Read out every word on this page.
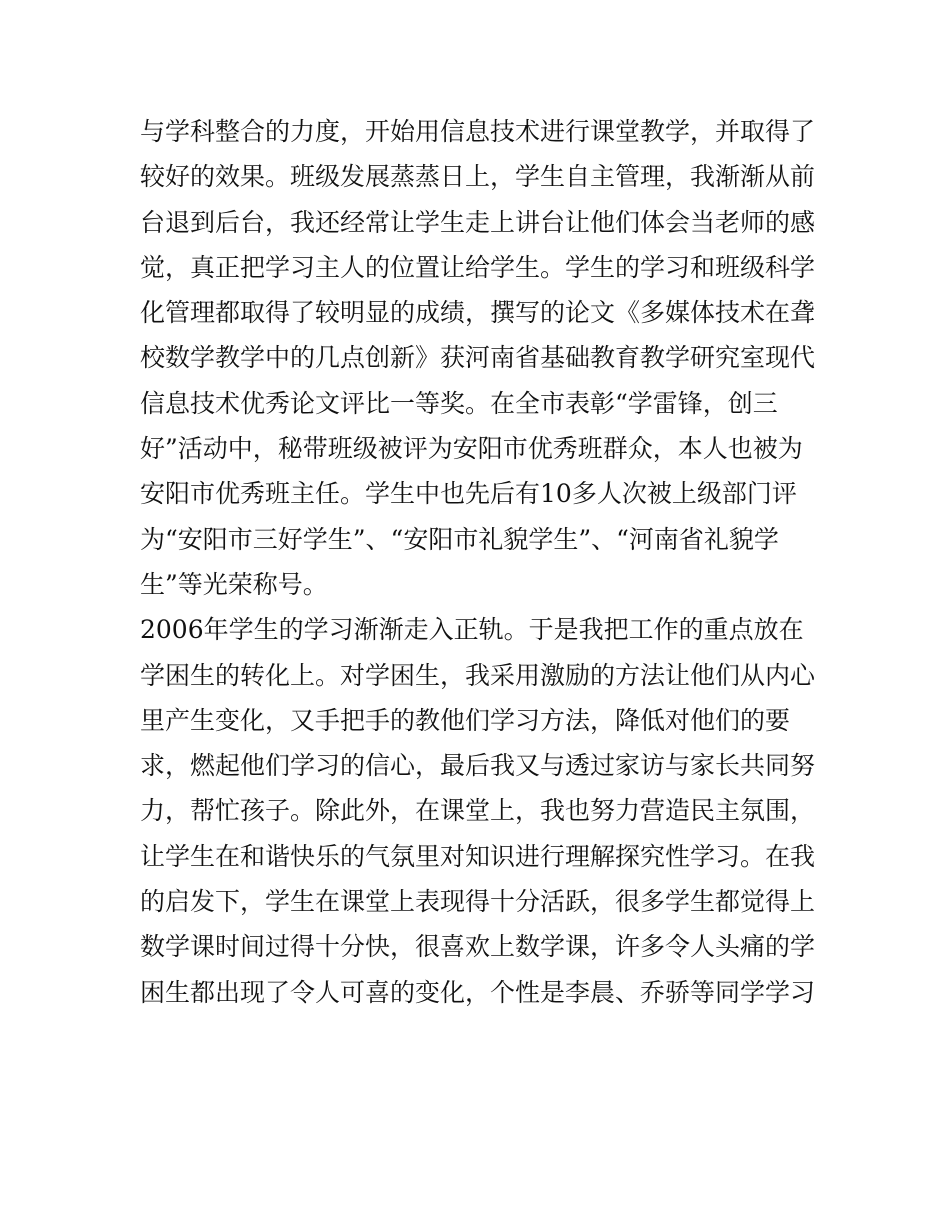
与学科整合的力度，开始用信息技术进行课堂教学，并取得了
较好的效果。班级发展蒸蒸日上，学生自主管理，我渐渐从前
台退到后台，我还经常让学生走上讲台让他们体会当老师的感
觉，真正把学习主人的位置让给学生。学生的学习和班级科学
化管理都取得了较明显的成绩，撰写的论文《多媒体技术在聋
校数学教学中的几点创新》获河南省基础教育教学研究室现代
信息技术优秀论文评比一等奖。在全市表彰“学雷锋，创三
好”活动中，秘带班级被评为安阳市优秀班群众，本人也被为
安阳市优秀班主任。学生中也先后有10多人次被上级部门评
为“安阳市三好学生”、“安阳市礼貌学生”、“河南省礼貌学
生”等光荣称号。
2006年学生的学习渐渐走入正轨。于是我把工作的重点放在
学困生的转化上。对学困生，我采用激励的方法让他们从内心
里产生变化，又手把手的教他们学习方法，降低对他们的要
求，燃起他们学习的信心，最后我又与透过家访与家长共同努
力，帮忙孩子。除此外，在课堂上，我也努力营造民主氛围，
让学生在和谐快乐的气氛里对知识进行理解探究性学习。在我
的启发下，学生在课堂上表现得十分活跃，很多学生都觉得上
数学课时间过得十分快，很喜欢上数学课，许多令人头痛的学
困生都出现了令人可喜的变化，个性是李晨、乔骄等同学学习
